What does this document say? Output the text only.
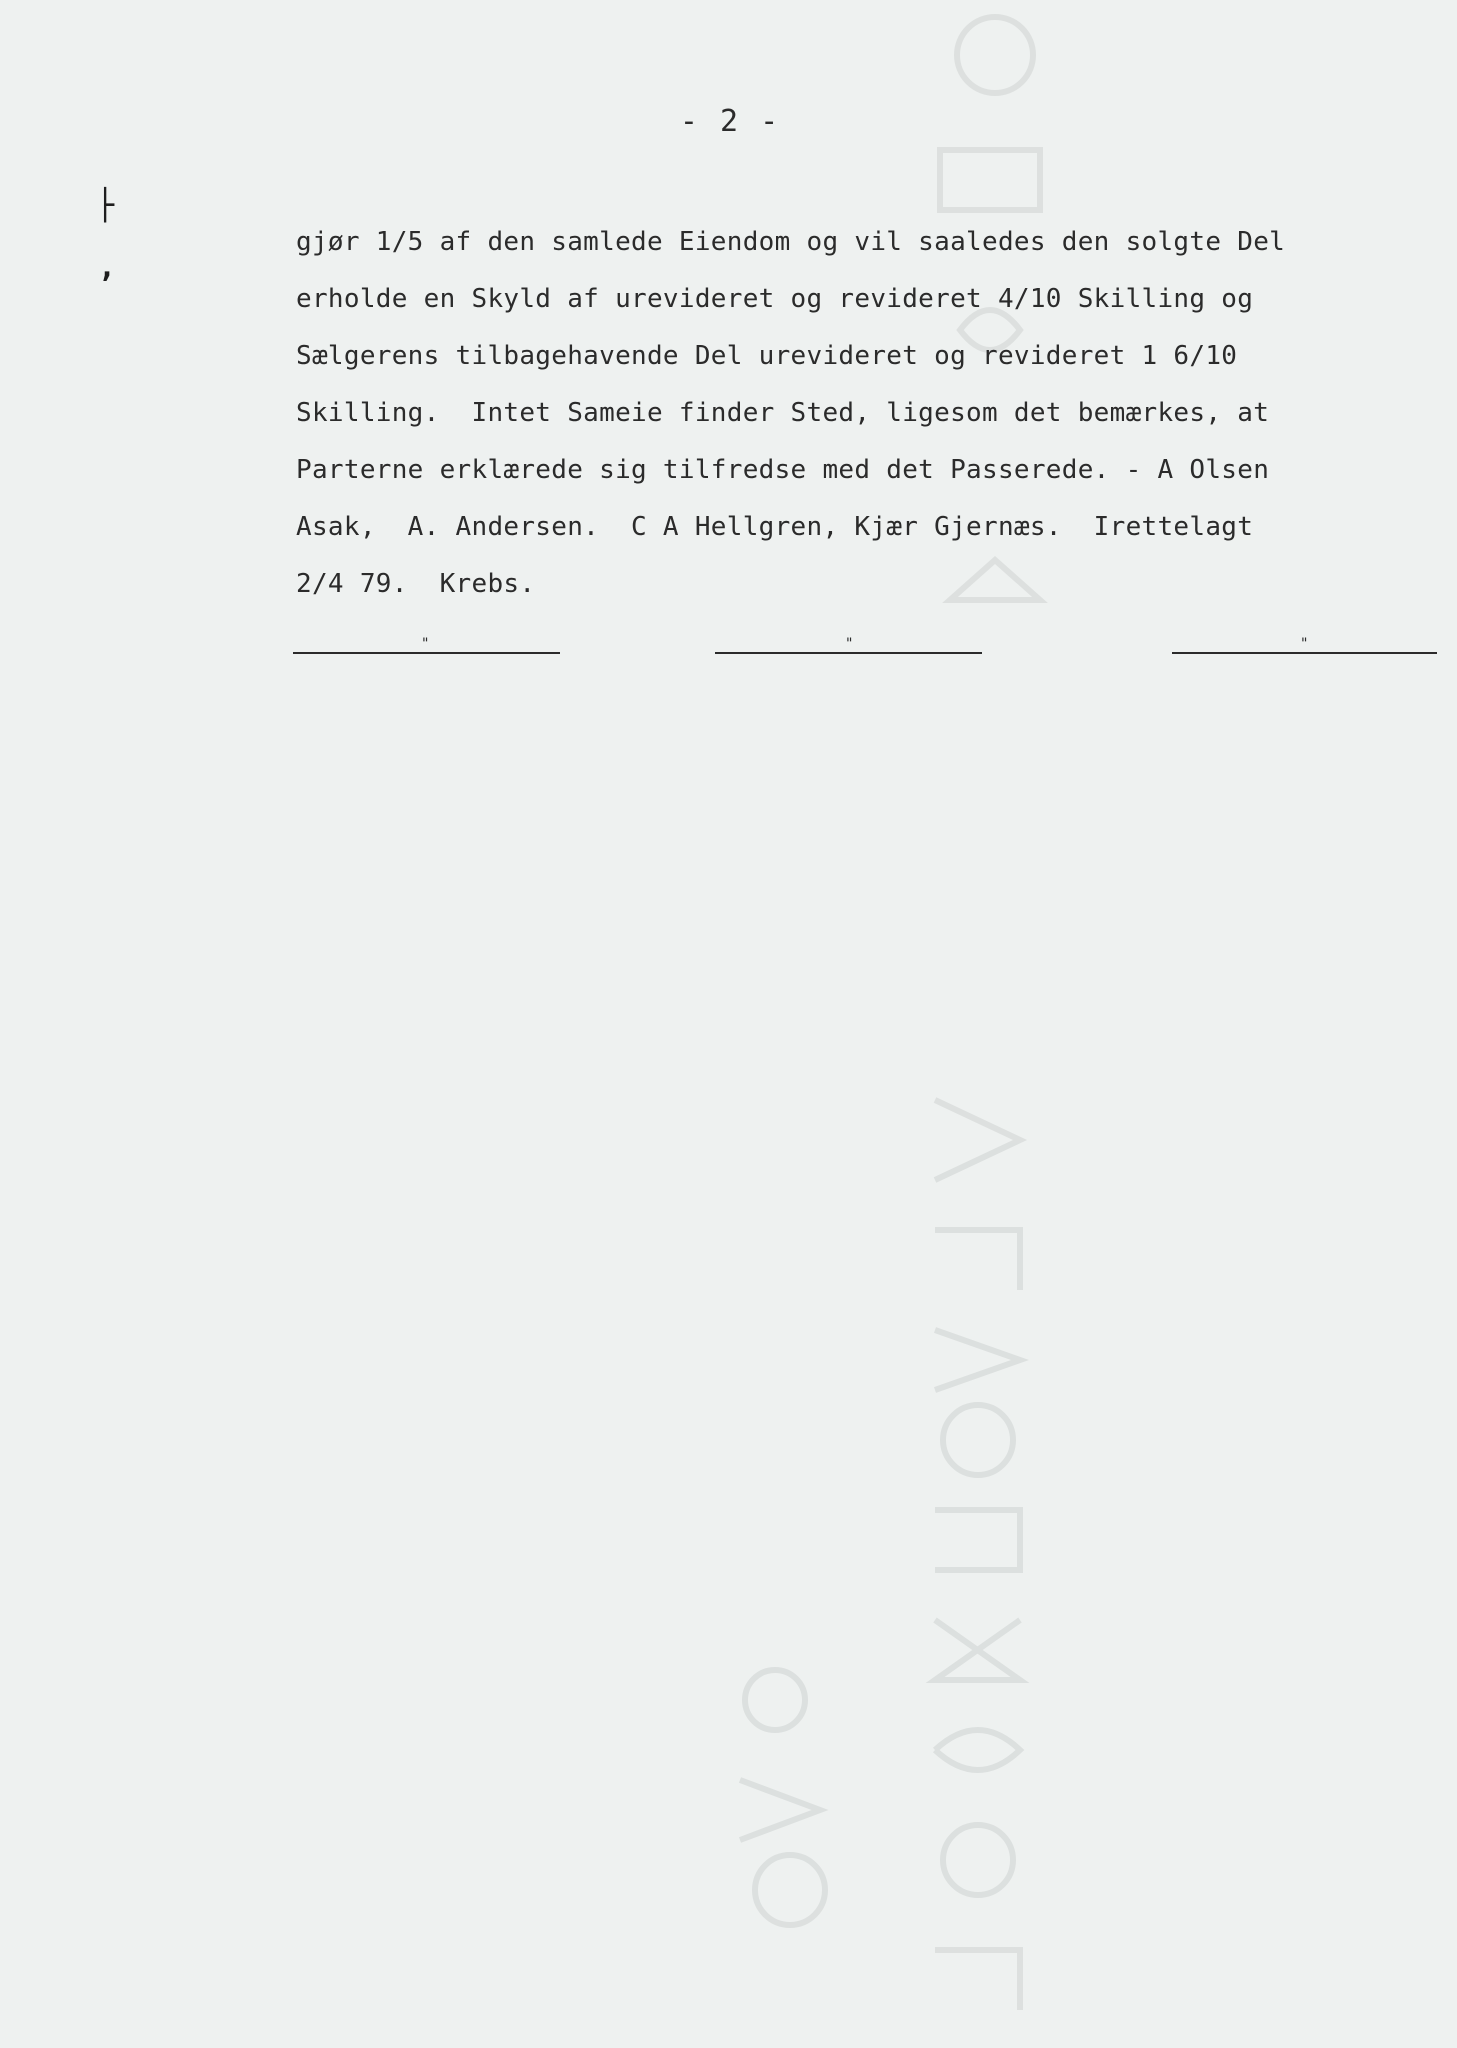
- 2 -
├
,
gjør 1/5 af den samlede Eiendom og vil saaledes den solgte Del
erholde en Skyld af urevideret og revideret 4/10 Skilling og
Sælgerens tilbagehavende Del urevideret og revideret 1 6/10
Skilling.  Intet Sameie finder Sted, ligesom det bemærkes, at
Parterne erklærede sig tilfredse med det Passerede. - A Olsen
Asak,  A. Andersen.  C A Hellgren, Kjær Gjernæs.  Irettelagt
2/4 79.  Krebs.
"	"	"
